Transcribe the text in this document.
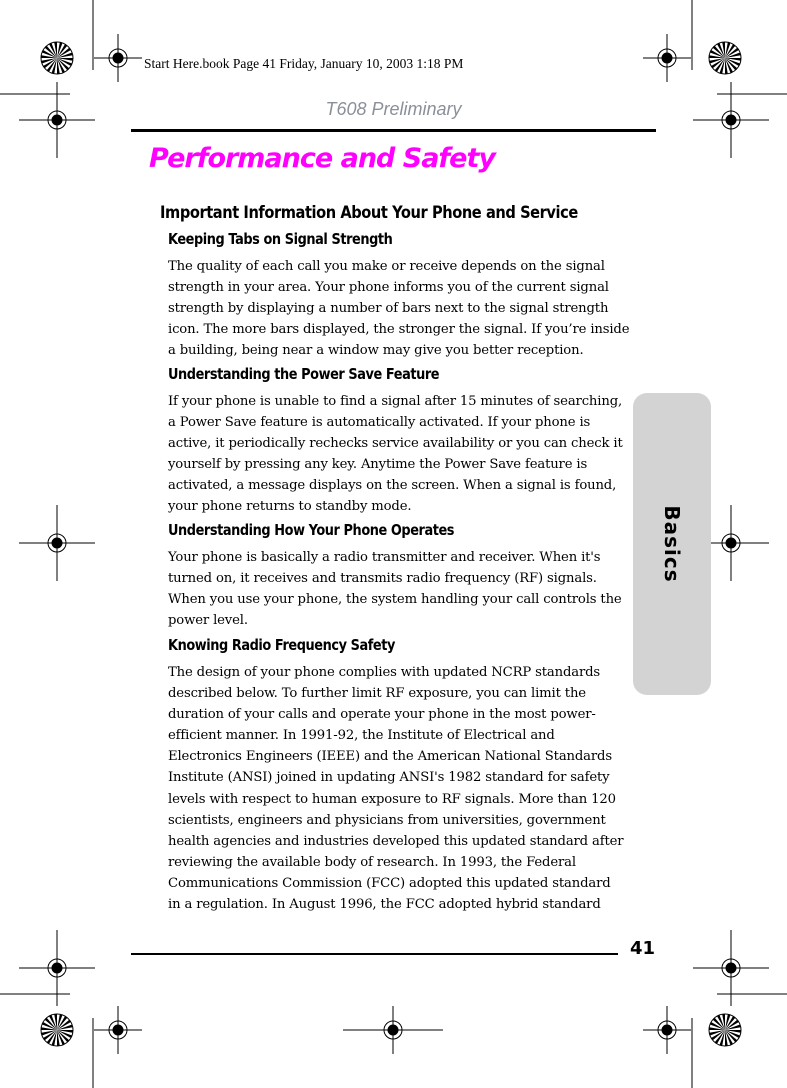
Start Here.book Page 41 Friday, January 10, 2003 1:18 PM
T608 Preliminary
Performance and Safety
Important Information About Your Phone and Service
Basics
Keeping Tabs on Signal Strength
The quality of each call you make or receive depends on the signal
strength in your area. Your phone informs you of the current signal
strength by displaying a number of bars next to the signal strength
icon. The more bars displayed, the stronger the signal. If you’re inside
a building, being near a window may give you better reception.
Understanding the Power Save Feature
If your phone is unable to find a signal after 15 minutes of searching,
a Power Save feature is automatically activated. If your phone is
active, it periodically rechecks service availability or you can check it
yourself by pressing any key. Anytime the Power Save feature is
activated, a message displays on the screen. When a signal is found,
your phone returns to standby mode.
Understanding How Your Phone Operates
Your phone is basically a radio transmitter and receiver. When it's
turned on, it receives and transmits radio frequency (RF) signals.
When you use your phone, the system handling your call controls the
power level.
Knowing Radio Frequency Safety
The design of your phone complies with updated NCRP standards
described below. To further limit RF exposure, you can limit the
duration of your calls and operate your phone in the most power-
efficient manner. In 1991-92, the Institute of Electrical and
Electronics Engineers (IEEE) and the American National Standards
Institute (ANSI) joined in updating ANSI's 1982 standard for safety
levels with respect to human exposure to RF signals. More than 120
scientists, engineers and physicians from universities, government
health agencies and industries developed this updated standard after
reviewing the available body of research. In 1993, the Federal
Communications Commission (FCC) adopted this updated standard
in a regulation. In August 1996, the FCC adopted hybrid standard
41
